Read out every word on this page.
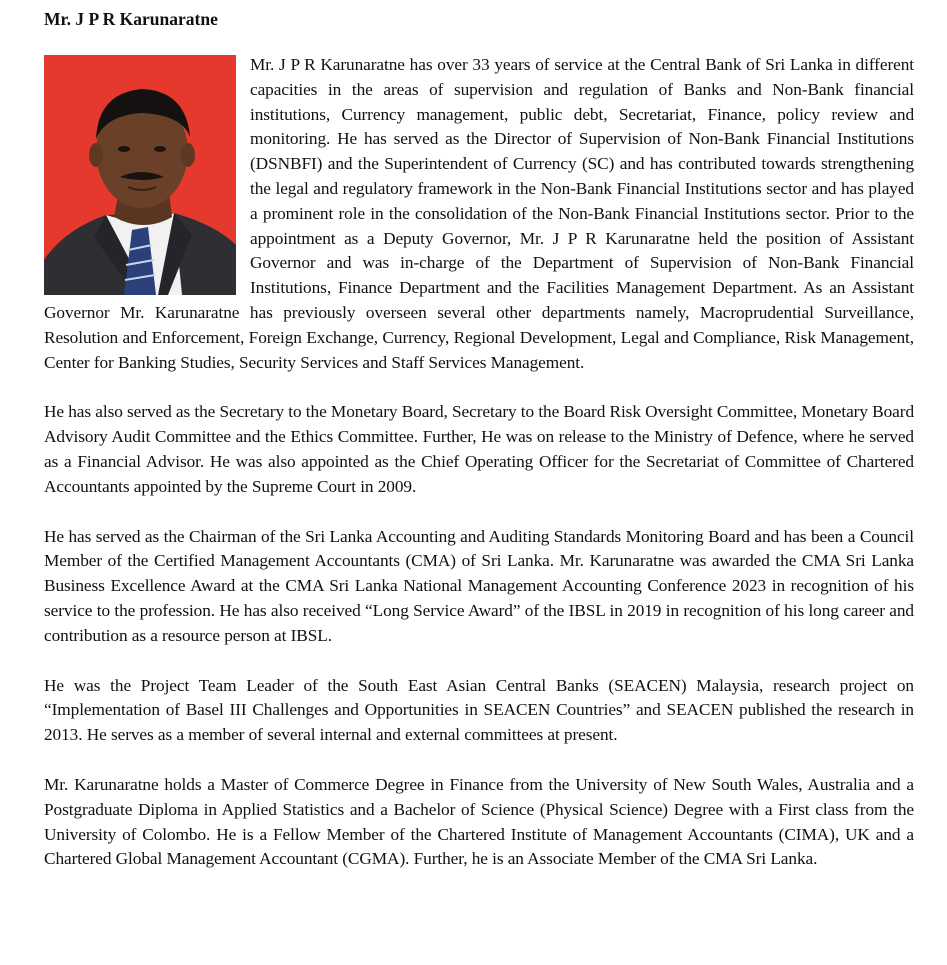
Mr. J P R Karunaratne

Mr. J P R Karunaratne has over 33 years of service at the Central Bank of Sri Lanka in different capacities in the areas of supervision and regulation of Banks and Non-Bank financial institutions, Currency management, public debt, Secretariat, Finance, policy review and monitoring. He has served as the Director of Supervision of Non-Bank Financial Institutions (DSNBFI) and the Superintendent of Currency (SC) and has contributed towards strengthening the legal and regulatory framework in the Non-Bank Financial Institutions sector and has played a prominent role in the consolidation of the Non-Bank Financial Institutions sector. Prior to the appointment as a Deputy Governor, Mr. J P R Karunaratne held the position of Assistant Governor and was in-charge of the Department of Supervision of Non-Bank Financial Institutions, Finance Department and the Facilities Management Department. As an Assistant Governor Mr. Karunaratne has previously overseen several other departments namely, Macroprudential Surveillance, Resolution and Enforcement, Foreign Exchange, Currency, Regional Development, Legal and Compliance, Risk Management, Center for Banking Studies, Security Services and Staff Services Management.

He has also served as the Secretary to the Monetary Board, Secretary to the Board Risk Oversight Committee, Monetary Board Advisory Audit Committee and the Ethics Committee. Further, He was on release to the Ministry of Defence, where he served as a Financial Advisor. He was also appointed as the Chief Operating Officer for the Secretariat of Committee of Chartered Accountants appointed by the Supreme Court in 2009.

He has served as the Chairman of the Sri Lanka Accounting and Auditing Standards Monitoring Board and has been a Council Member of the Certified Management Accountants (CMA) of Sri Lanka. Mr. Karunaratne was awarded the CMA Sri Lanka Business Excellence Award at the CMA Sri Lanka National Management Accounting Conference 2023 in recognition of his service to the profession. He has also received “Long Service Award” of the IBSL in 2019 in recognition of his long career and contribution as a resource person at IBSL.

He was the Project Team Leader of the South East Asian Central Banks (SEACEN) Malaysia, research project on “Implementation of Basel III Challenges and Opportunities in SEACEN Countries” and SEACEN published the research in 2013. He serves as a member of several internal and external committees at present.

Mr. Karunaratne holds a Master of Commerce Degree in Finance from the University of New South Wales, Australia and a Postgraduate Diploma in Applied Statistics and a Bachelor of Science (Physical Science) Degree with a First class from the University of Colombo. He is a Fellow Member of the Chartered Institute of Management Accountants (CIMA), UK and a Chartered Global Management Accountant (CGMA). Further, he is an Associate Member of the CMA Sri Lanka.
